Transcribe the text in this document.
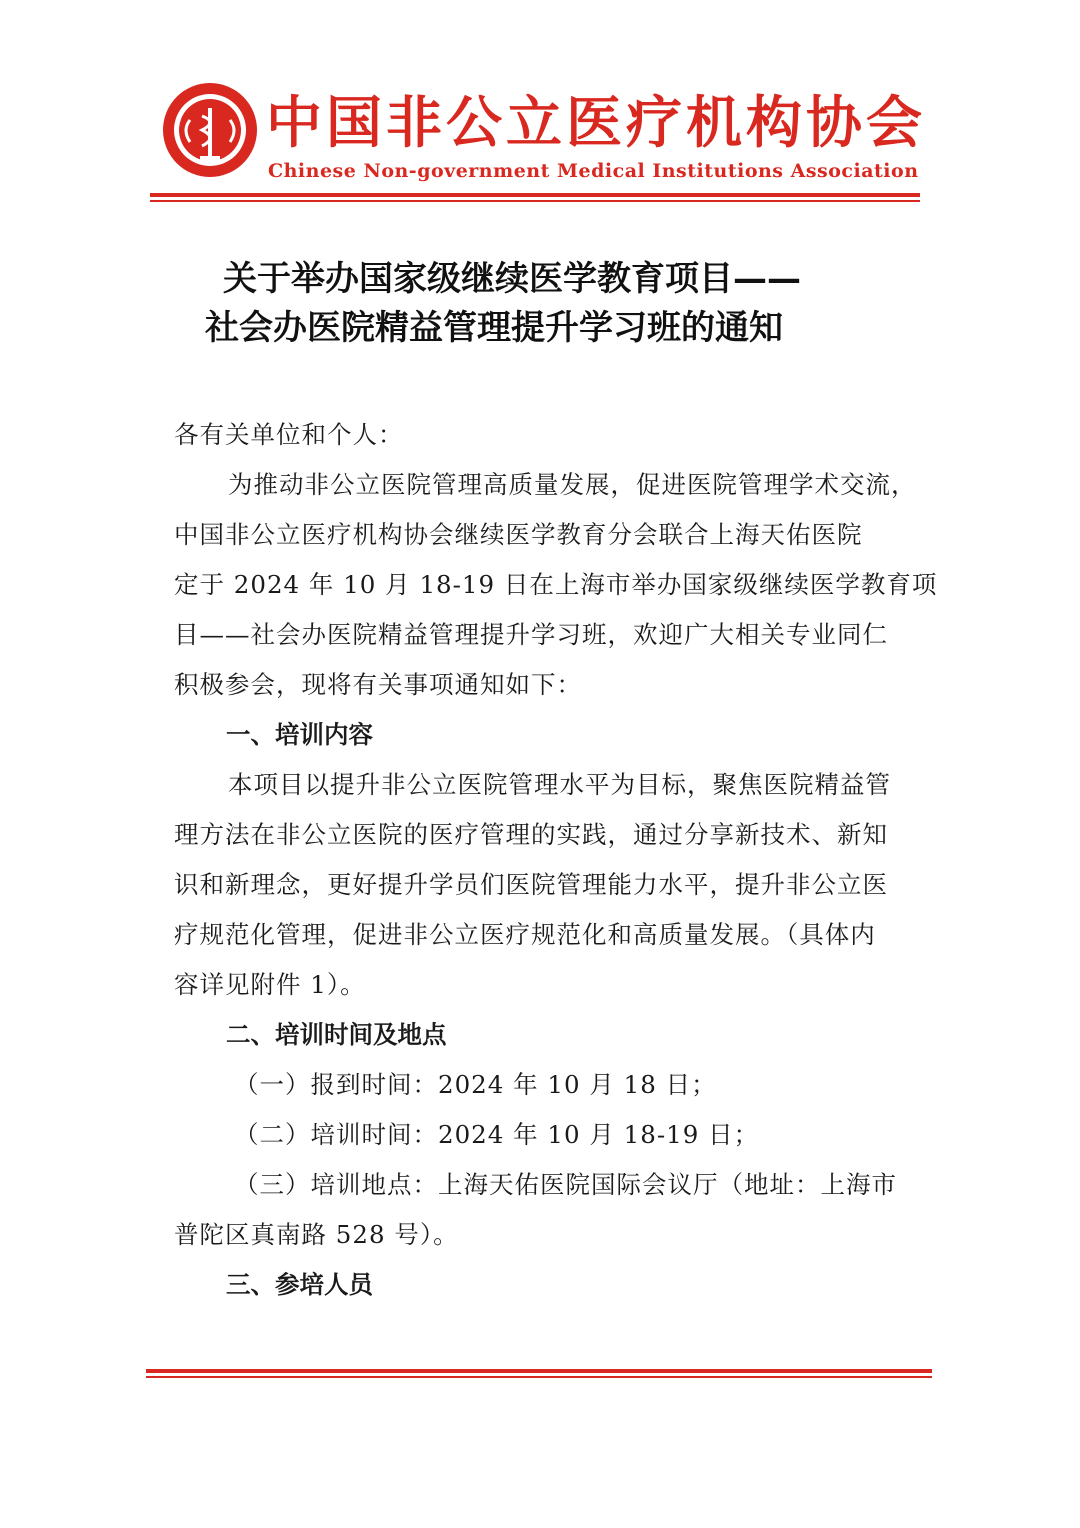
中国非公立医疗机构协会
Chinese Non-government Medical Institutions Association
关于举办国家级继续医学教育项目——
社会办医院精益管理提升学习班的通知

各有关单位和个人：

为推动非公立医院管理高质量发展，促进医院管理学术交流，

中国非公立医疗机构协会继续医学教育分会联合上海天佑医院

定于 2024 年 10 月 18-19 日在上海市举办国家级继续医学教育项

目——社会办医院精益管理提升学习班，欢迎广大相关专业同仁

积极参会，现将有关事项通知如下：

一、培训内容

本项目以提升非公立医院管理水平为目标，聚焦医院精益管

理方法在非公立医院的医疗管理的实践，通过分享新技术、新知

识和新理念，更好提升学员们医院管理能力水平，提升非公立医

疗规范化管理，促进非公立医疗规范化和高质量发展。（具体内

容详见附件 1）。

二、培训时间及地点

（一）报到时间：2024 年 10 月 18 日；

（二）培训时间：2024 年 10 月 18-19 日；

（三）培训地点：上海天佑医院国际会议厅（地址：上海市

普陀区真南路 528 号）。

三、参培人员
